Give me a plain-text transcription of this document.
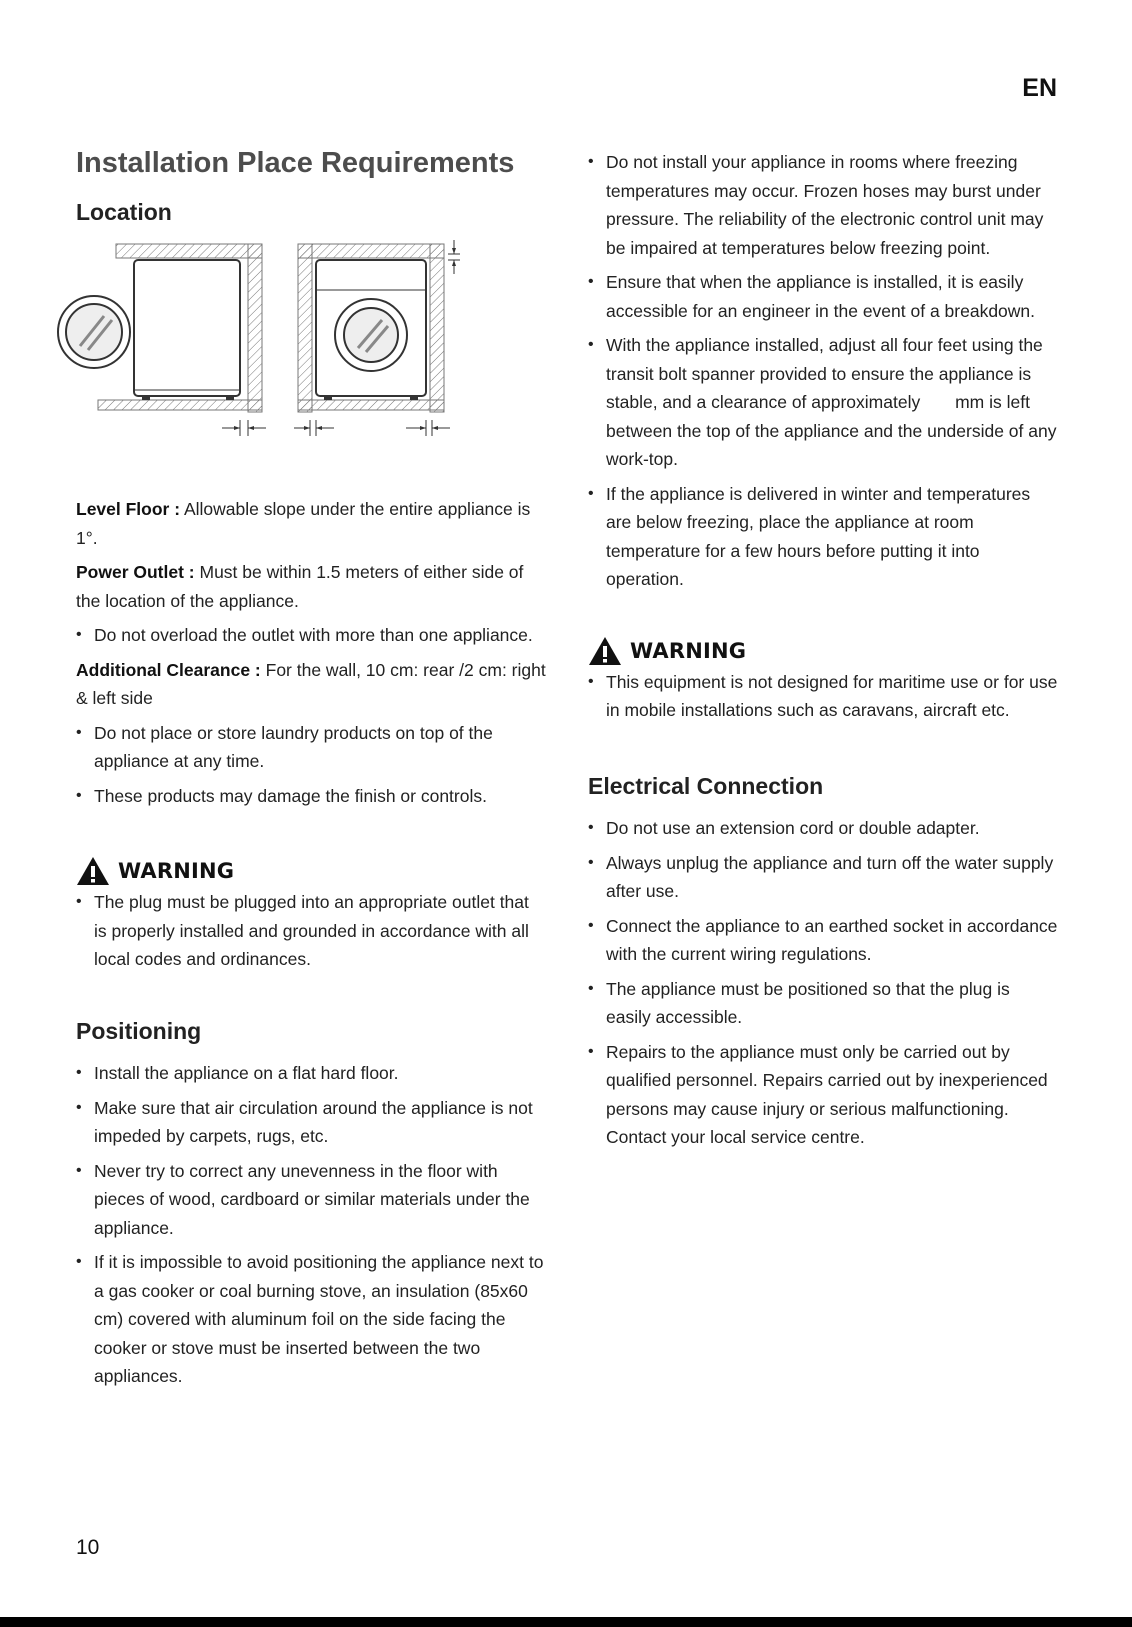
EN
Installation Place Requirements
Location

Level Floor : Allowable slope under the entire appliance is 1°.

Power Outlet : Must be within 1.5 meters of either side of the location of the appliance.

• Do not overload the outlet with more than one appliance.

Additional Clearance : For the wall, 10 cm: rear /2 cm: right & left side

• Do not place or store laundry products on top of the appliance at any time.
• These products may damage the finish or controls.
WARNING
• The plug must be plugged into an appropriate outlet that is properly installed and grounded in accordance with all local codes and ordinances.
Positioning
• Install the appliance on a flat hard floor.
• Make sure that air circulation around the appliance is not impeded by carpets, rugs, etc.
• Never try to correct any unevenness in the floor with pieces of wood, cardboard or similar materials under the appliance.
• If it is impossible to avoid positioning the appliance next to a gas cooker or coal burning stove, an insulation (85x60 cm) covered with aluminum foil on the side facing the cooker or stove must be inserted between the two appliances.
• Do not install your appliance in rooms where freezing temperatures may occur. Frozen hoses may burst under pressure. The reliability of the electronic control unit may be impaired at temperatures below freezing point.
• Ensure that when the appliance is installed, it is easily accessible for an engineer in the event of a breakdown.
• With the appliance installed, adjust all four feet using the transit bolt spanner provided to ensure the appliance is stable, and a clearance of approximately mm is left between the top of the appliance and the underside of any work-top.
• If the appliance is delivered in winter and temperatures are below freezing, place the appliance at room temperature for a few hours before putting it into operation.
WARNING
• This equipment is not designed for maritime use or for use in mobile installations such as caravans, aircraft etc.
Electrical Connection
• Do not use an extension cord or double adapter.
• Always unplug the appliance and turn off the water supply after use.
• Connect the appliance to an earthed socket in accordance with the current wiring regulations.
• The appliance must be positioned so that the plug is easily accessible.
• Repairs to the appliance must only be carried out by qualified personnel. Repairs carried out by inexperienced persons may cause injury or serious malfunctioning. Contact your local service centre.
10
